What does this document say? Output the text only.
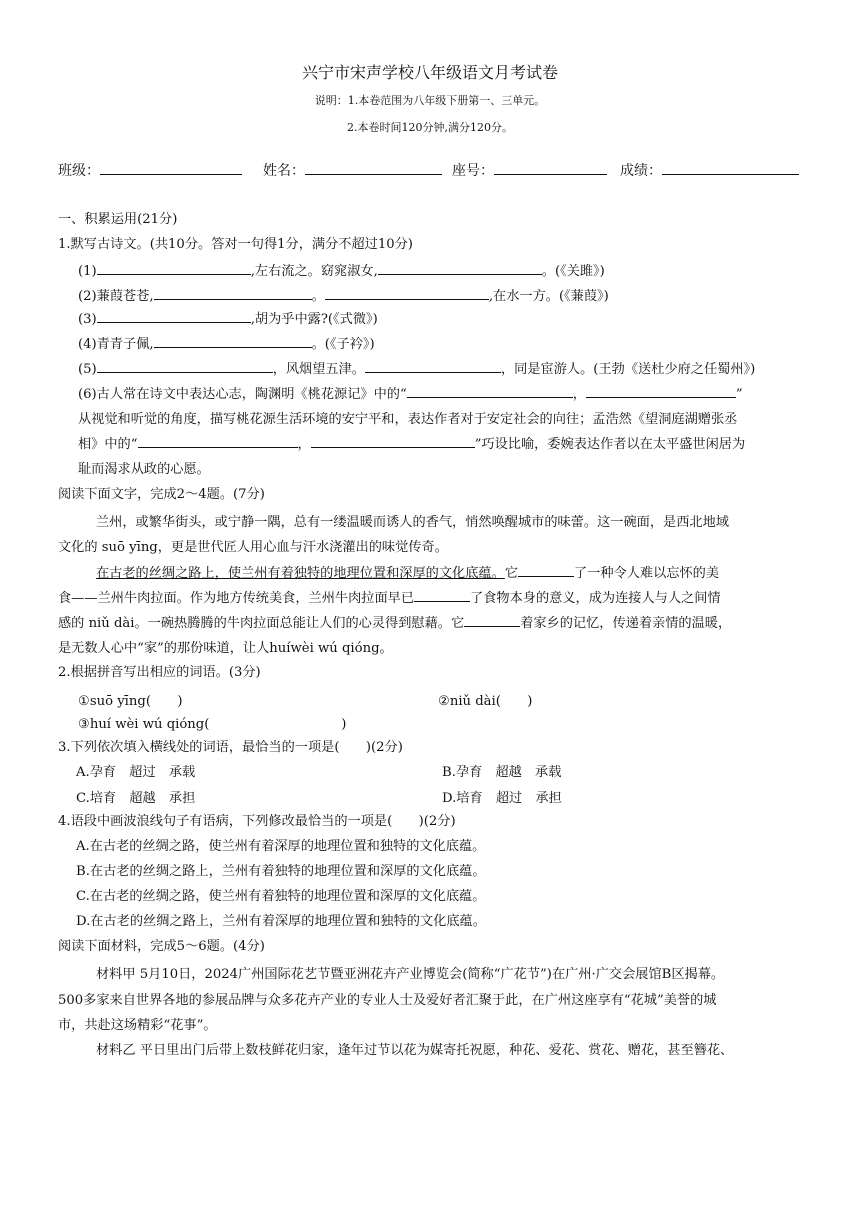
兴宁市宋声学校八年级语文月考试卷
说明：1.本卷范围为八年级下册第一、三单元。
2.本卷时间120分钟,满分120分。
班级：	姓名：	座号：	成绩：
一、积累运用(21分)
1.默写古诗文。(共10分。答对一句得1分，满分不超过10分)
(1)	,左右流之。窈窕淑女,	。(《关雎》)
(2)蒹葭苍苍,	。	,在水一方。(《蒹葭》)
(3)	,胡为乎中露?(《式微》)
(4)青青子佩,	。(《子衿》)
(5)	，风烟望五津。	，同是宦游人。(王勃《送杜少府之任蜀州》)
(6)古人常在诗文中表达心志，陶渊明《桃花源记》中的“	，	”
从视觉和听觉的角度，描写桃花源生活环境的安宁平和，表达作者对于安定社会的向往；孟浩然《望洞庭湖赠张丞
相》中的“	，	”巧设比喻，委婉表达作者以在太平盛世闲居为
耻而渴求从政的心愿。
阅读下面文字，完成2～4题。(7分)
兰州，或繁华街头，或宁静一隅，总有一缕温暖而诱人的香气，悄然唤醒城市的味蕾。这一碗面，是西北地域
文化的 suō yīng，更是世代匠人用心血与汗水浇灌出的味觉传奇。
在古老的丝绸之路上，使兰州有着独特的地理位置和深厚的文化底蕴。它	了一种令人难以忘怀的美
食——兰州牛肉拉面。作为地方传统美食，兰州牛肉拉面早已	了食物本身的意义，成为连接人与人之间情
感的 niǔ dài。一碗热腾腾的牛肉拉面总能让人们的心灵得到慰藉。它	着家乡的记忆，传递着亲情的温暖，
是无数人心中“家”的那份味道，让人huíwèi wú qióng。
2.根据拼音写出相应的词语。(3分)
①suō yīng(　　)	②niǔ dài(　　)
③huí wèi wú qióng(　　　　　　　　　　)
3.下列依次填入横线处的词语，最恰当的一项是(　　)(2分)
A.孕育　超过　承载	B.孕育　超越　承载
C.培育　超越　承担	D.培育　超过　承担
4.语段中画波浪线句子有语病，下列修改最恰当的一项是(　　)(2分)
A.在古老的丝绸之路，使兰州有着深厚的地理位置和独特的文化底蕴。
B.在古老的丝绸之路上，兰州有着独特的地理位置和深厚的文化底蕴。
C.在古老的丝绸之路，使兰州有着独特的地理位置和深厚的文化底蕴。
D.在古老的丝绸之路上，兰州有着深厚的地理位置和独特的文化底蕴。
阅读下面材料，完成5～6题。(4分)
材料甲 5月10日，2024广州国际花艺节暨亚洲花卉产业博览会(简称“广花节”)在广州·广交会展馆B区揭幕。
500多家来自世界各地的参展品牌与众多花卉产业的专业人士及爱好者汇聚于此，在广州这座享有“花城”美誉的城
市，共赴这场精彩“花事”。
材料乙 平日里出门后带上数枝鲜花归家，逢年过节以花为媒寄托祝愿，种花、爱花、赏花、赠花，甚至簪花、
